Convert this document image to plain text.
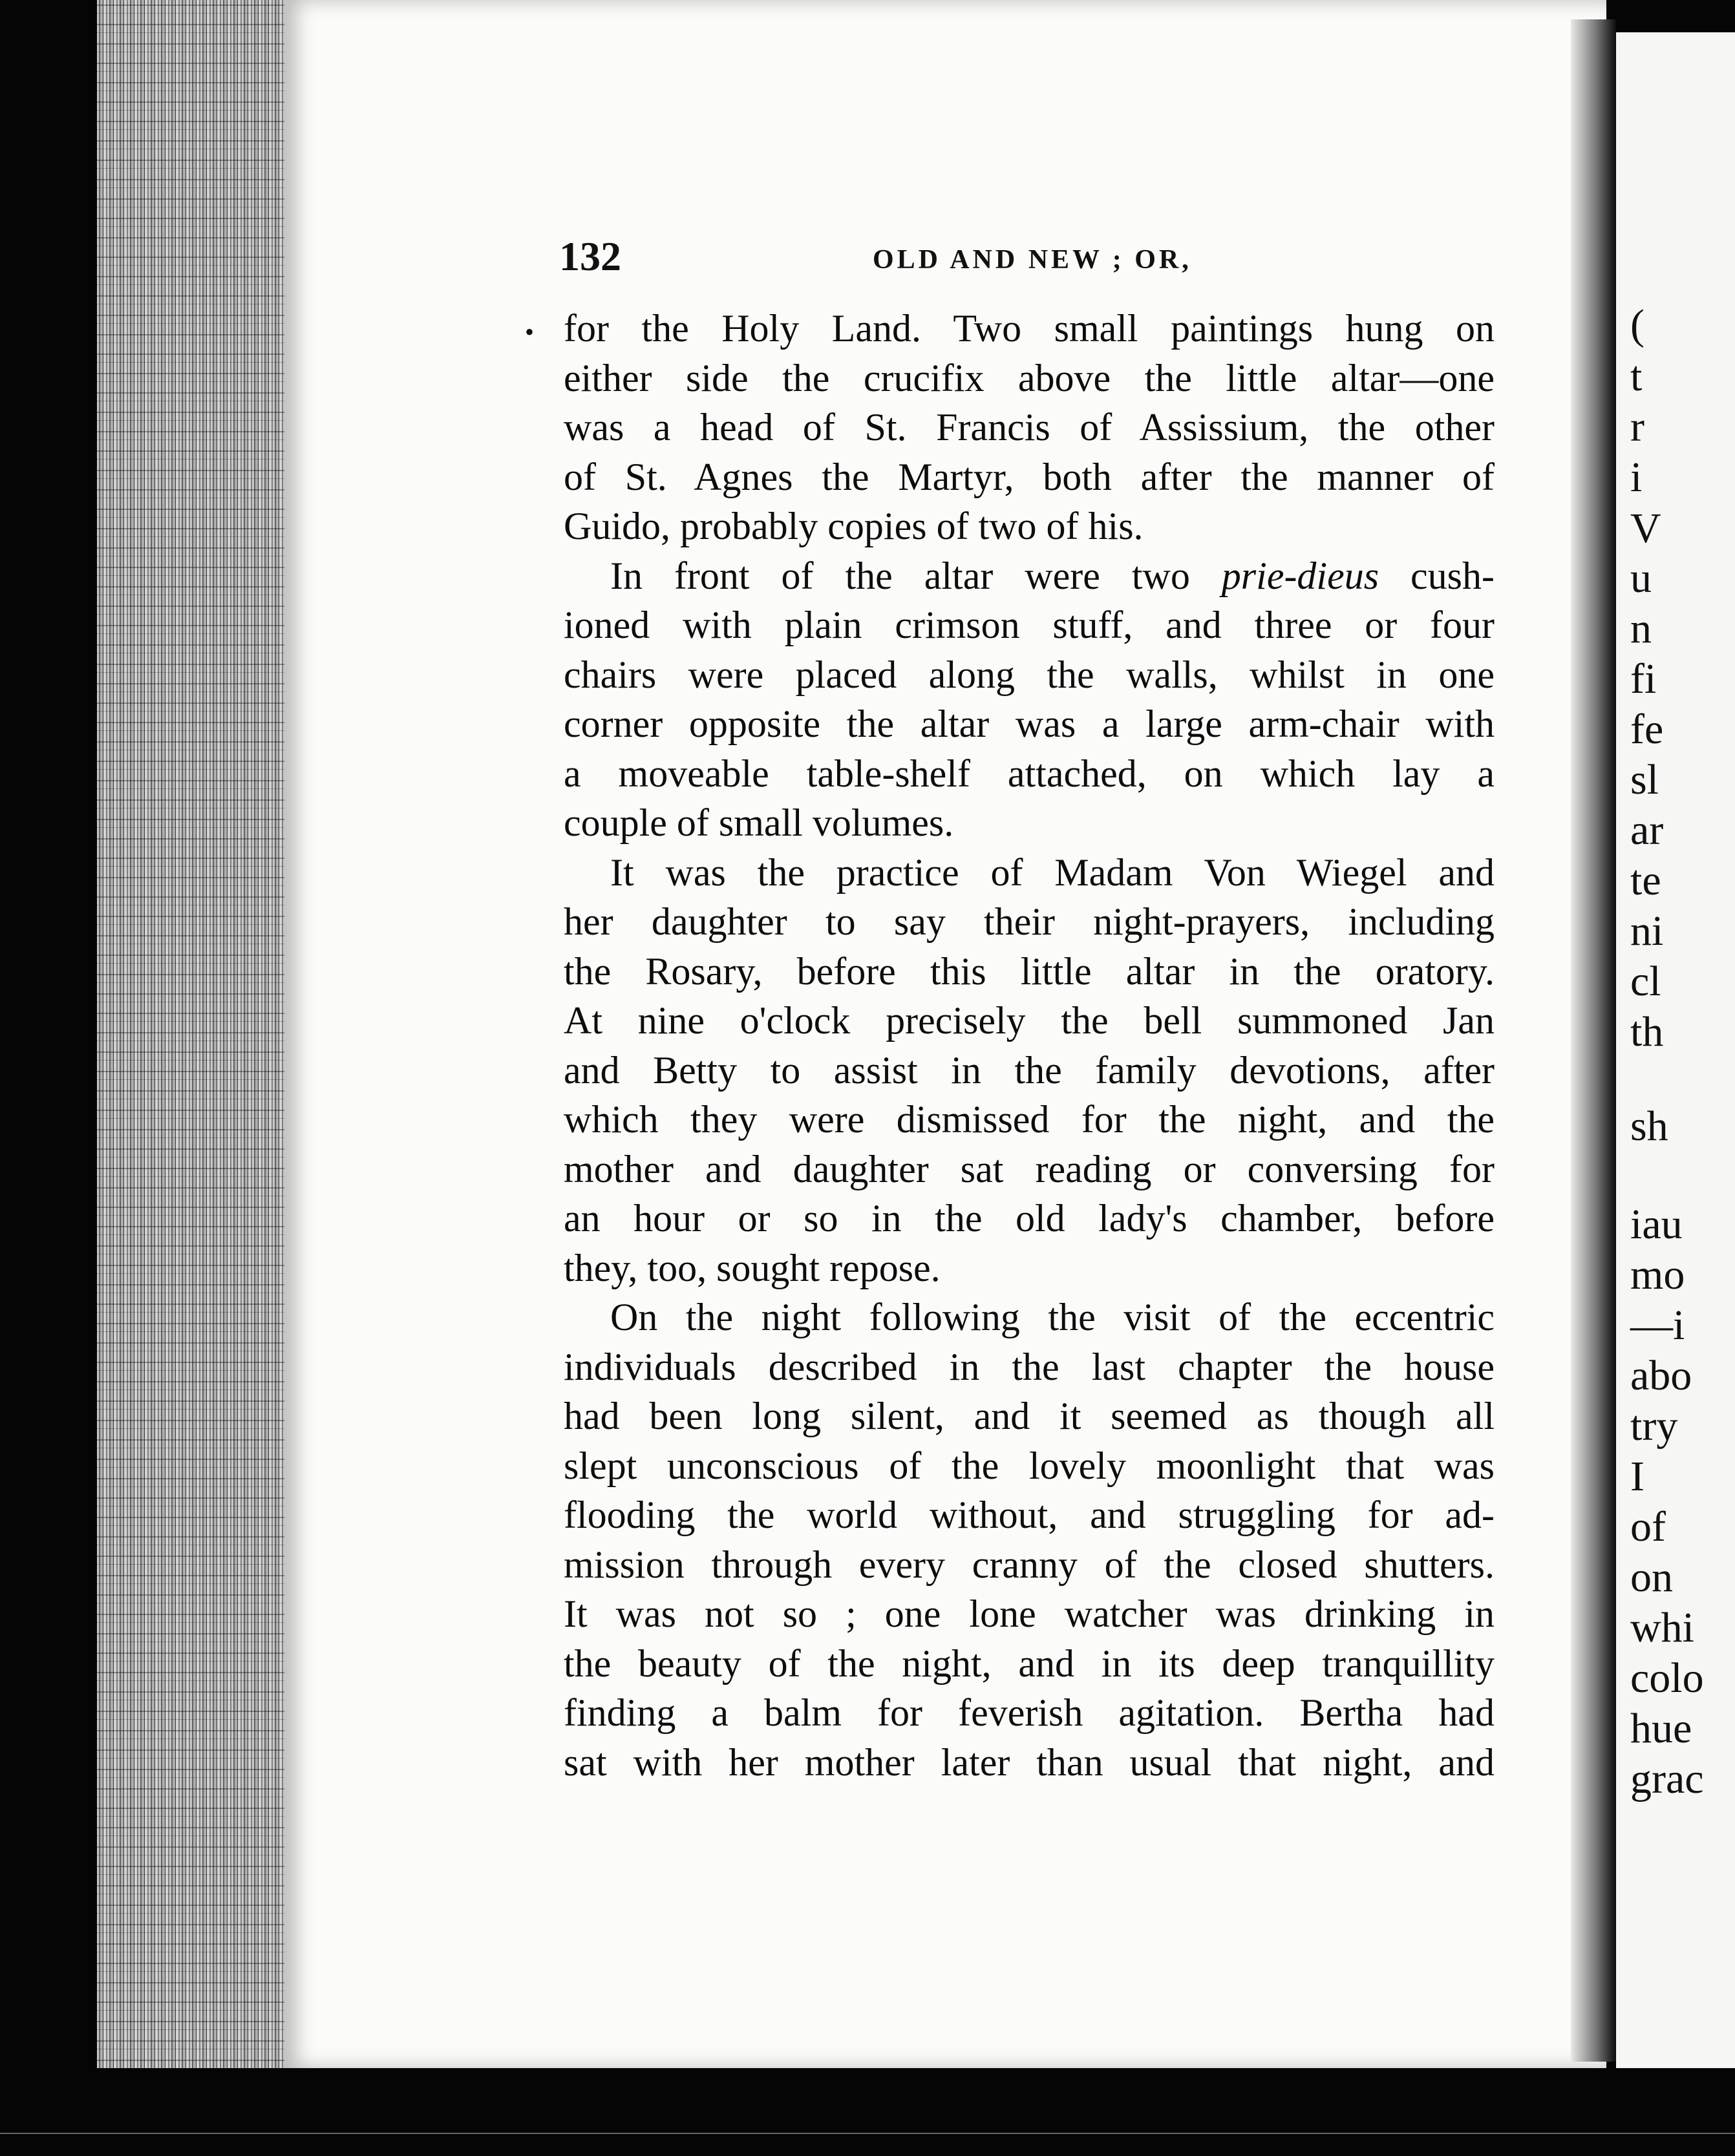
132	OLD AND NEW ; OR,
• for the Holy Land. Two small paintings hung on
either side the crucifix above the little altar—one
was a head of St. Francis of Assissium, the other
of St. Agnes the Martyr, both after the manner of
Guido, probably copies of two of his.
In front of the altar were two prie-dieus cush-
ioned with plain crimson stuff, and three or four
chairs were placed along the walls, whilst in one
corner opposite the altar was a large arm-chair with
a moveable table-shelf attached, on which lay a
couple of small volumes.
It was the practice of Madam Von Wiegel and
her daughter to say their night-prayers, including
the Rosary, before this little altar in the oratory.
At nine o'clock precisely the bell summoned Jan
and Betty to assist in the family devotions, after
which they were dismissed for the night, and the
mother and daughter sat reading or conversing for
an hour or so in the old lady's chamber, before
they, too, sought repose.
On the night following the visit of the eccentric
individuals described in the last chapter the house
had been long silent, and it seemed as though all
slept unconscious of the lovely moonlight that was
flooding the world without, and struggling for ad-
mission through every cranny of the closed shutters.
It was not so ; one lone watcher was drinking in
the beauty of the night, and in its deep tranquillity
finding a balm for feverish agitation. Bertha had
sat with her mother later than usual that night, and
(
t
r
i
V
u
n
fi
fe
sl
ar
te
ni
cl
th
sh
iau
mo
—i
abo
try
I
of
on
whi
colo
hue
grac
